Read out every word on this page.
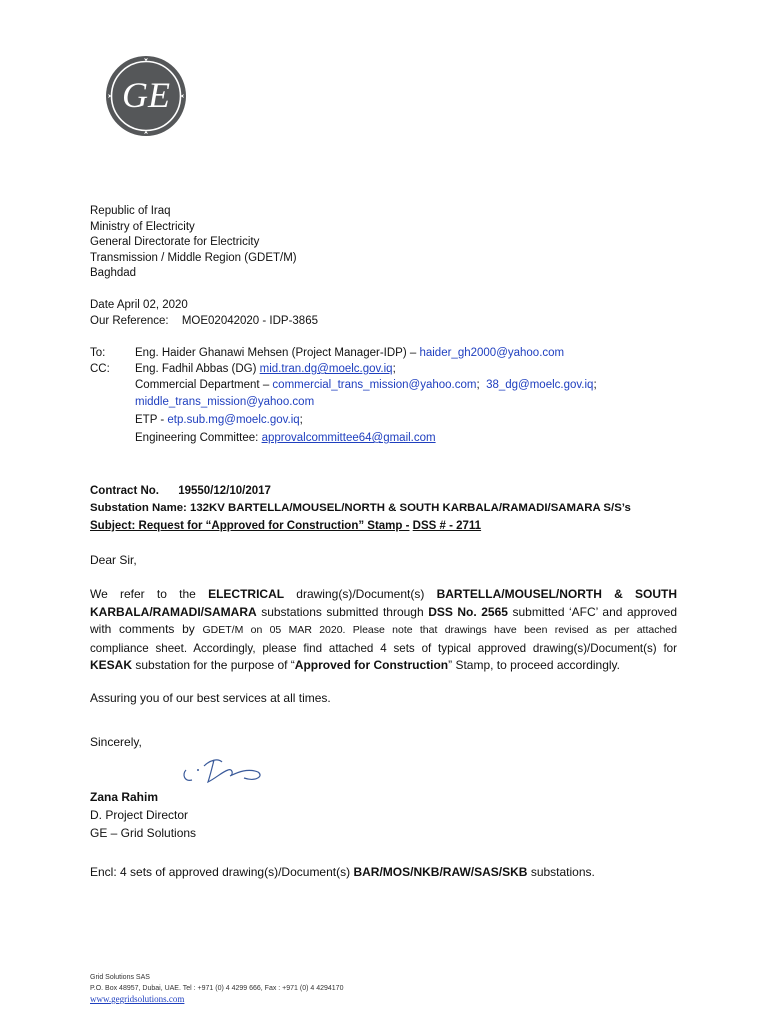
GE
Republic of Iraq
Ministry of Electricity
General Directorate for Electricity
Transmission / Middle Region (GDET/M)
Baghdad
Date April 02, 2020
Our Reference: MOE02042020 - IDP-3865
To:	Eng. Haider Ghanawi Mehsen (Project Manager-IDP) – haider_gh2000@yahoo.com
CC: Eng. Fadhil Abbas (DG) mid.tran.dg@moelc.gov.iq;
Commercial Department – commercial_trans_mission@yahoo.com; 38_dg@moelc.gov.iq;
middle_trans_mission@yahoo.com
ETP - etp.sub.mg@moelc.gov.iq;
Engineering Committee: approvalcommittee64@gmail.com
Contract No. 19550/12/10/2017
Substation Name: 132KV BARTELLA/MOUSEL/NORTH & SOUTH KARBALA/RAMADI/SAMARA S/S’s
Subject: Request for “Approved for Construction” Stamp - DSS # - 2711
Dear Sir,
We refer to the ELECTRICAL drawing(s)/Document(s) BARTELLA/MOUSEL/NORTH & SOUTH
KARBALA/RAMADI/SAMARA substations submitted through DSS No. 2565 submitted ‘AFC’ and approved
with comments by GDET/M on 05 MAR 2020. Please note that drawings have been revised as per attached
compliance sheet. Accordingly, please find attached 4 sets of typical approved drawing(s)/Document(s) for
KESAK substation for the purpose of “Approved for Construction” Stamp, to proceed accordingly.
Assuring you of our best services at all times.
Sincerely,
Zana Rahim
D. Project Director
GE – Grid Solutions
Encl: 4 sets of approved drawing(s)/Document(s) BAR/MOS/NKB/RAW/SAS/SKB substations.
Grid Solutions SAS
P.O. Box 48957, Dubai, UAE. Tel : +971 (0) 4 4299 666, Fax : +971 (0) 4 4294170
www.gegridsolutions.com
